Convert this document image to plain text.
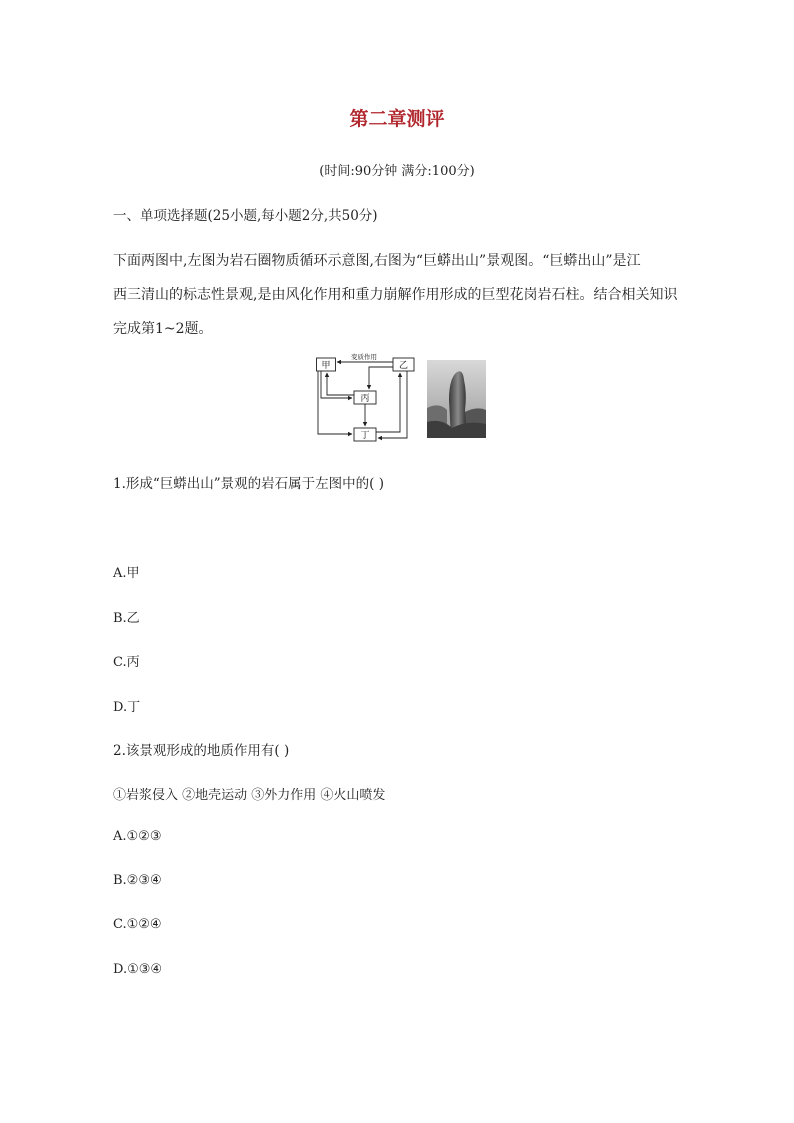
第二章测评
(时间:90分钟 满分:100分)
一、单项选择题(25小题,每小题2分,共50分)
下面两图中,左图为岩石圈物质循环示意图,右图为“巨蟒出山”景观图。“巨蟒出山”是江
西三清山的标志性景观,是由风化作用和重力崩解作用形成的巨型花岗岩石柱。结合相关知识
完成第1~2题。
甲	乙
丙
丁
变质作用
1.形成“巨蟒出山”景观的岩石属于左图中的( )
A.甲
B.乙
C.丙
D.丁
2.该景观形成的地质作用有( )
①岩浆侵入 ②地壳运动 ③外力作用 ④火山喷发
A.①②③
B.②③④
C.①②④
D.①③④
